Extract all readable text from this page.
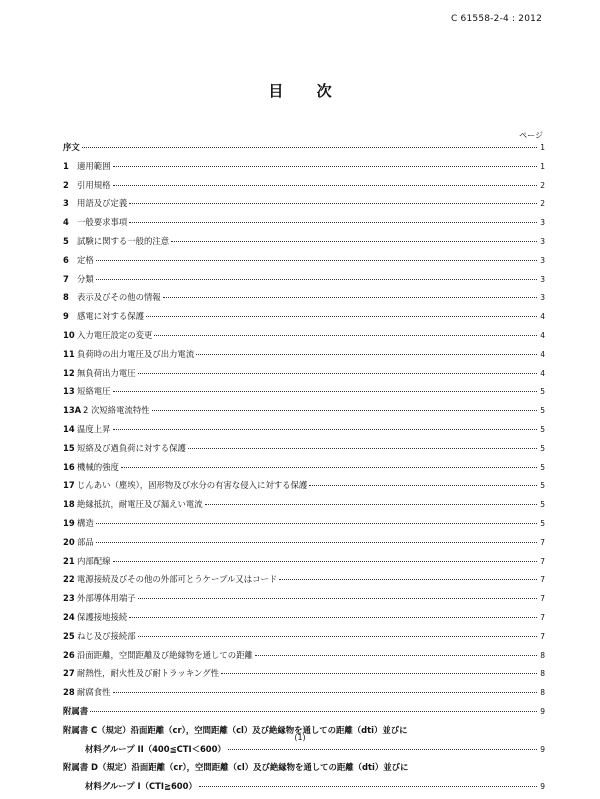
C 61558-2-4 : 2012
目 次
ページ
序文	1
1 適用範囲	1
2 引用規格	2
3 用語及び定義	2
4 一般要求事項	3
5 試験に関する一般的注意	3
6 定格	3
7 分類	3
8 表示及びその他の情報	3
9 感電に対する保護	4
10 入力電圧設定の変更	4
11 負荷時の出力電圧及び出力電流	4
12 無負荷出力電圧	4
13 短絡電圧	5
13A 2 次短絡電流特性	5
14 温度上昇	5
15 短絡及び過負荷に対する保護	5
16 機械的強度	5
17 じんあい（塵埃），固形物及び水分の有害な侵入に対する保護	5
18 絶縁抵抗，耐電圧及び漏えい電流	5
19 構造	5
20 部品	7
21 内部配線	7
22 電源接続及びその他の外部可とうケーブル又はコード	7
23 外部導体用端子	7
24 保護接地接続	7
25 ねじ及び接続部	7
26 沿面距離，空間距離及び絶縁物を通しての距離	8
27 耐熱性，耐火性及び耐トラッキング性	8
28 耐腐食性	8
附属書	9
附属書 C（規定）沿面距離（cr），空間距離（cl）及び絶縁物を通しての距離（dti）並びに
材料グループ II（400≦CTI＜600）	9
附属書 D（規定）沿面距離（cr），空間距離（cl）及び絶縁物を通しての距離（dti）並びに
材料グループ I（CTI≧600）	9
(1)
